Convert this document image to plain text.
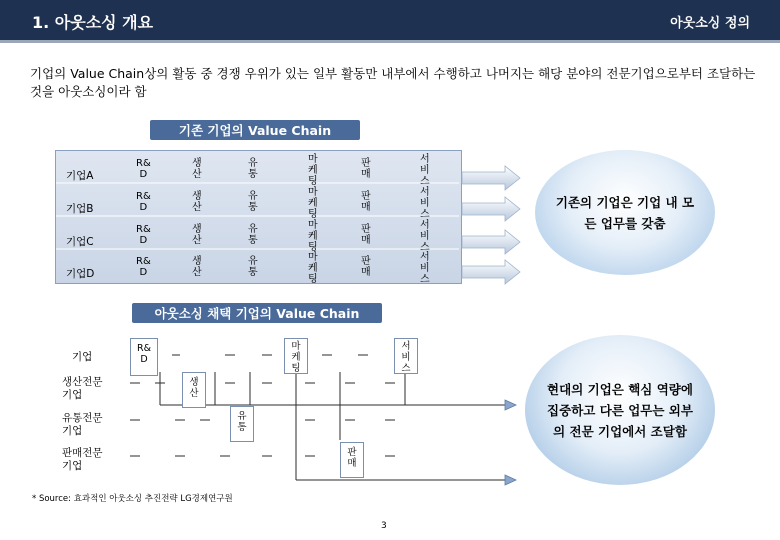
1. 아웃소싱 개요	아웃소싱 정의
기업의 Value Chain상의 활동 중 경쟁 우위가 있는 일부 활동만 내부에서 수행하고 나머지는 해당 분야의 전문기업으로부터 조달하는 것을 아웃소싱이라 함
기존 기업의 Value Chain
기업A
기업B
기업C
기업D
R&
D
생
산
유
통
마
케
팅
판
매
서
비
스
R&
D
생
산
유
통
마
케
팅
판
매
서
비
스
R&
D
생
산
유
통
마
케
팅
판
매
서
비
스
R&
D
생
산
유
통
마
케
팅
판
매
서
비
스
기존의 기업은 기업 내 모든 업무를 갖춤
아웃소싱 채택 기업의 Value Chain
기업
생산전문
기업
유통전문
기업
판매전문
기업
R&
D
생
산
유
통
마
케
팅
판
매
서
비
스
현대의 기업은 핵심 역량에 집중하고 다른 업무는 외부의 전문 기업에서 조달함
* Source: 효과적인 아웃소싱 추진전략 LG경제연구원
3
